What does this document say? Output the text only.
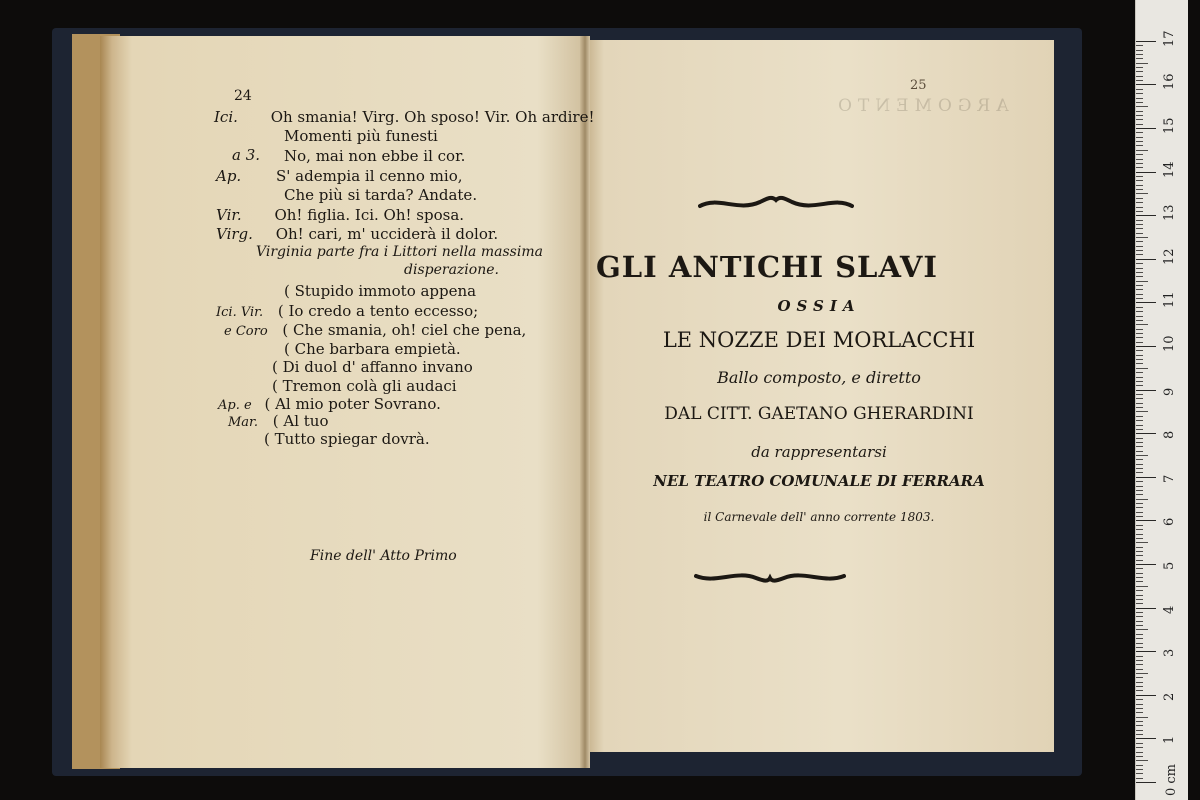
ARGOMENTO
24
Ici. Oh smania! Virg. Oh sposo! Vir. Oh ardire!
Momenti più funesti
a 3. No, mai non ebbe il cor.
Ap. S' adempia il cenno mio,
Che più si tarda? Andate.
Vir. Oh! figlia. Ici. Oh! sposa.
Virg. Oh! cari, m' ucciderà il dolor.
Virginia parte fra i Littori nella massima
disperazione.
( Stupido immoto appena
Ici. Vir. ( Io credo a tento eccesso;
e Coro ( Che smania, oh! ciel che pena,
( Che barbara empietà.
( Di duol d' affanno invano
( Tremon colà gli audaci
Ap. e ( Al mio poter Sovrano.
Mar. ( Al tuo
( Tutto spiegar dovrà.
Fine dell' Atto Primo
25
GLI ANTICHI SLAVI
OSSIA
LE NOZZE DEI MORLACCHI
Ballo composto, e diretto
DAL CITT. GAETANO GHERARDINI
da rappresentarsi
NEL TEATRO COMUNALE DI FERRARA
il Carnevale dell' anno corrente 1803.
0 cm
1
2
3
4
5
6
7
8
9
10
11
12
13
14
15
16
17
